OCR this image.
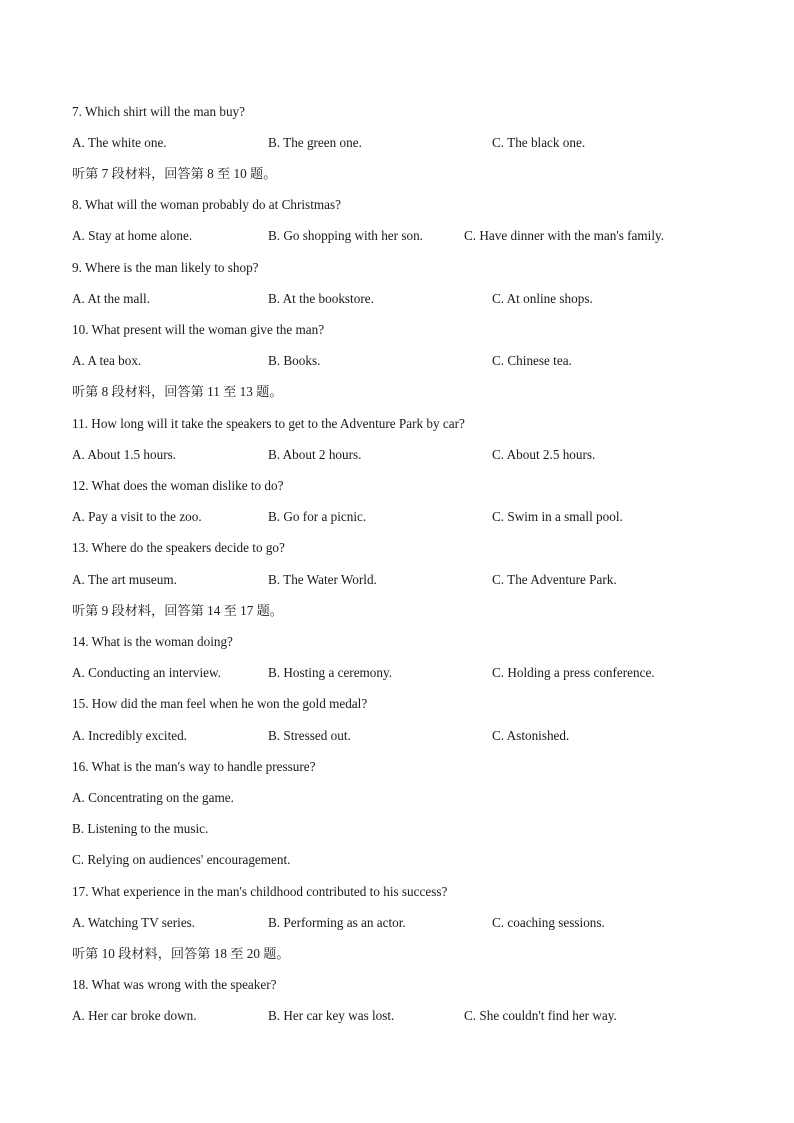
7. Which shirt will the man buy?
A. The white one.	B. The green one.	C. The black one.
听第 7 段材料，回答第 8 至 10 题。
8. What will the woman probably do at Christmas?
A. Stay at home alone.	B. Go shopping with her son.	C. Have dinner with the man's family.
9. Where is the man likely to shop?
A. At the mall.	B. At the bookstore.	C. At online shops.
10. What present will the woman give the man?
A. A tea box.	B. Books.	C. Chinese tea.
听第 8 段材料，回答第 11 至 13 题。
11. How long will it take the speakers to get to the Adventure Park by car?
A. About 1.5 hours.	B. About 2 hours.	C. About 2.5 hours.
12. What does the woman dislike to do?
A. Pay a visit to the zoo.	B. Go for a picnic.	C. Swim in a small pool.
13. Where do the speakers decide to go?
A. The art museum.	B. The Water World.	C. The Adventure Park.
听第 9 段材料，回答第 14 至 17 题。
14. What is the woman doing?
A. Conducting an interview.	B. Hosting a ceremony.	C. Holding a press conference.
15. How did the man feel when he won the gold medal?
A. Incredibly excited.	B. Stressed out.	C. Astonished.
16. What is the man's way to handle pressure?
A. Concentrating on the game.
B. Listening to the music.
C. Relying on audiences' encouragement.
17. What experience in the man's childhood contributed to his success?
A. Watching TV series.	B. Performing as an actor.	C. coaching sessions.
听第 10 段材料，回答第 18 至 20 题。
18. What was wrong with the speaker?
A. Her car broke down.	B. Her car key was lost.	C. She couldn't find her way.
